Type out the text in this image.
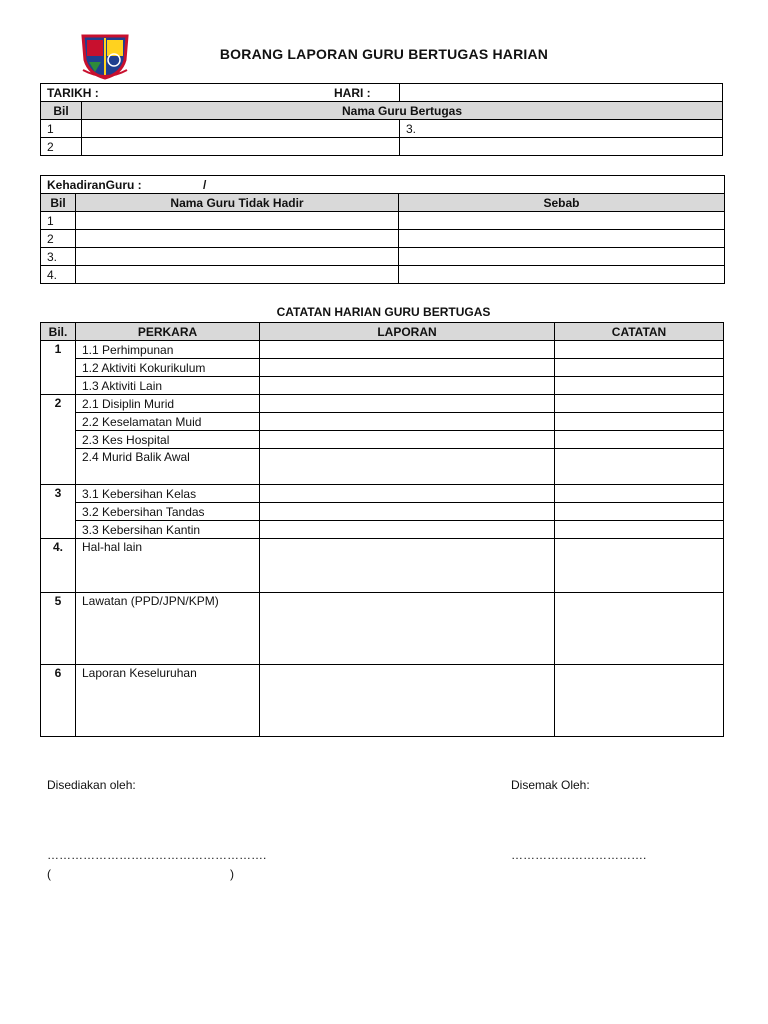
BORANG LAPORAN GURU BERTUGAS HARIAN
TARIKH :		HARI :
Bil	Nama Guru Bertugas	
1		3.
2		
KehadiranGuru : /		
Bil	Nama Guru Tidak Hadir	Sebab
1		
2		
3.		
4.		
CATATAN HARIAN GURU BERTUGAS
Bil.	PERKARA	LAPORAN	CATATAN
1	1.1 Perhimpunan		
	1.2 Aktiviti Kokurikulum		
	1.3 Aktiviti Lain		
2	2.1 Disiplin Murid		
	2.2 Keselamatan Muid		
	2.3 Kes Hospital		
	2.4 Murid Balik Awal		
3	3.1 Kebersihan Kelas		
	3.2 Kebersihan Tandas		
	3.3 Kebersihan Kantin		
4.	Hal-hal lain		
5	Lawatan (PPD/JPN/KPM)		
6	Laporan Keseluruhan		
Disediakan oleh:	Disemak Oleh:
……………………………………………….	…………………………….
(	)
